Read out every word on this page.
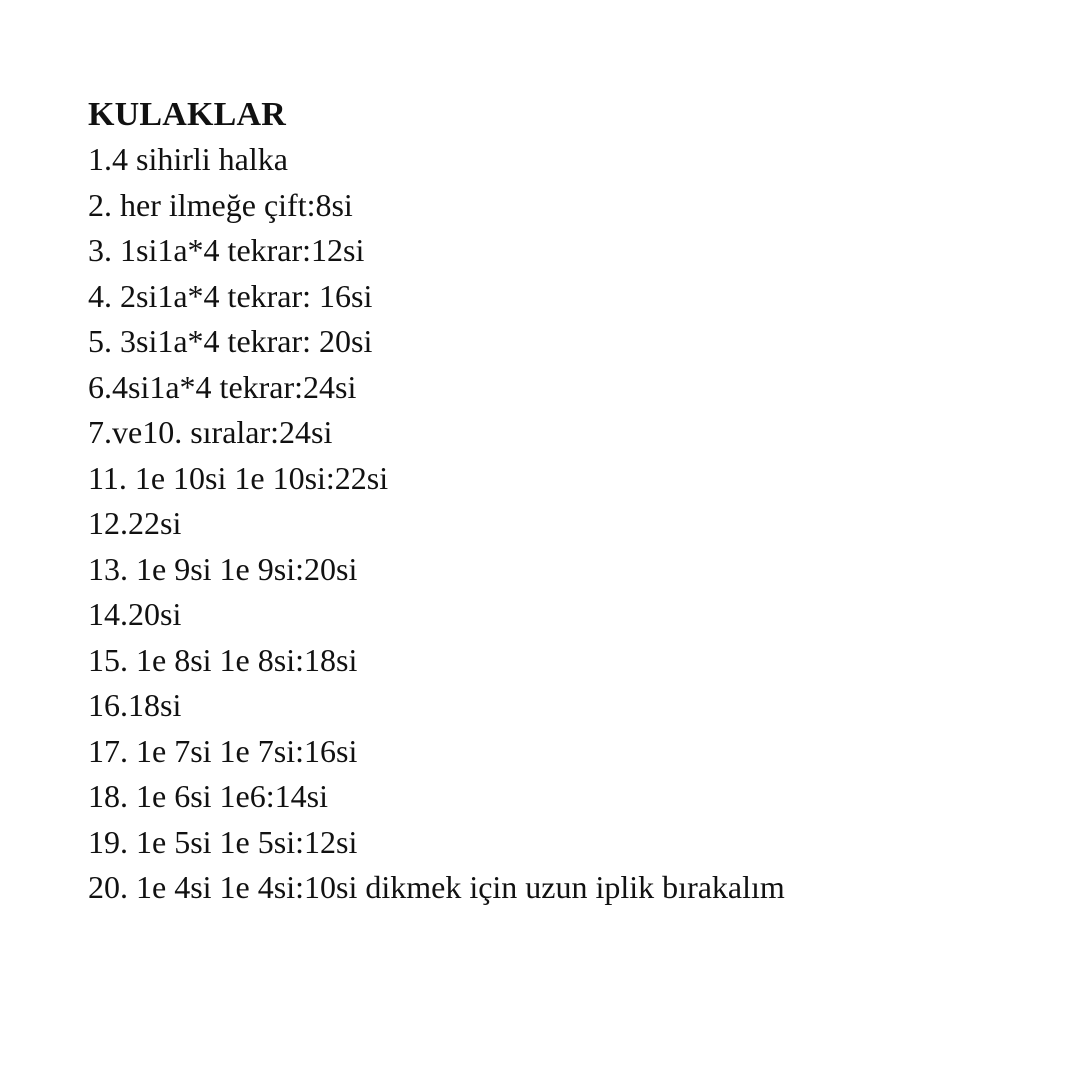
KULAKLAR
1.4 sihirli halka
2. her ilmeğe çift:8si
3. 1si1a*4 tekrar:12si
4. 2si1a*4 tekrar: 16si
5. 3si1a*4 tekrar: 20si
6.4si1a*4 tekrar:24si
7.ve10. sıralar:24si
11. 1e 10si 1e 10si:22si
12.22si
13. 1e 9si 1e 9si:20si
14.20si
15. 1e 8si 1e 8si:18si
16.18si
17. 1e 7si 1e 7si:16si
18. 1e 6si 1e6:14si
19. 1e 5si 1e 5si:12si
20. 1e 4si 1e 4si:10si dikmek için uzun iplik bırakalım
